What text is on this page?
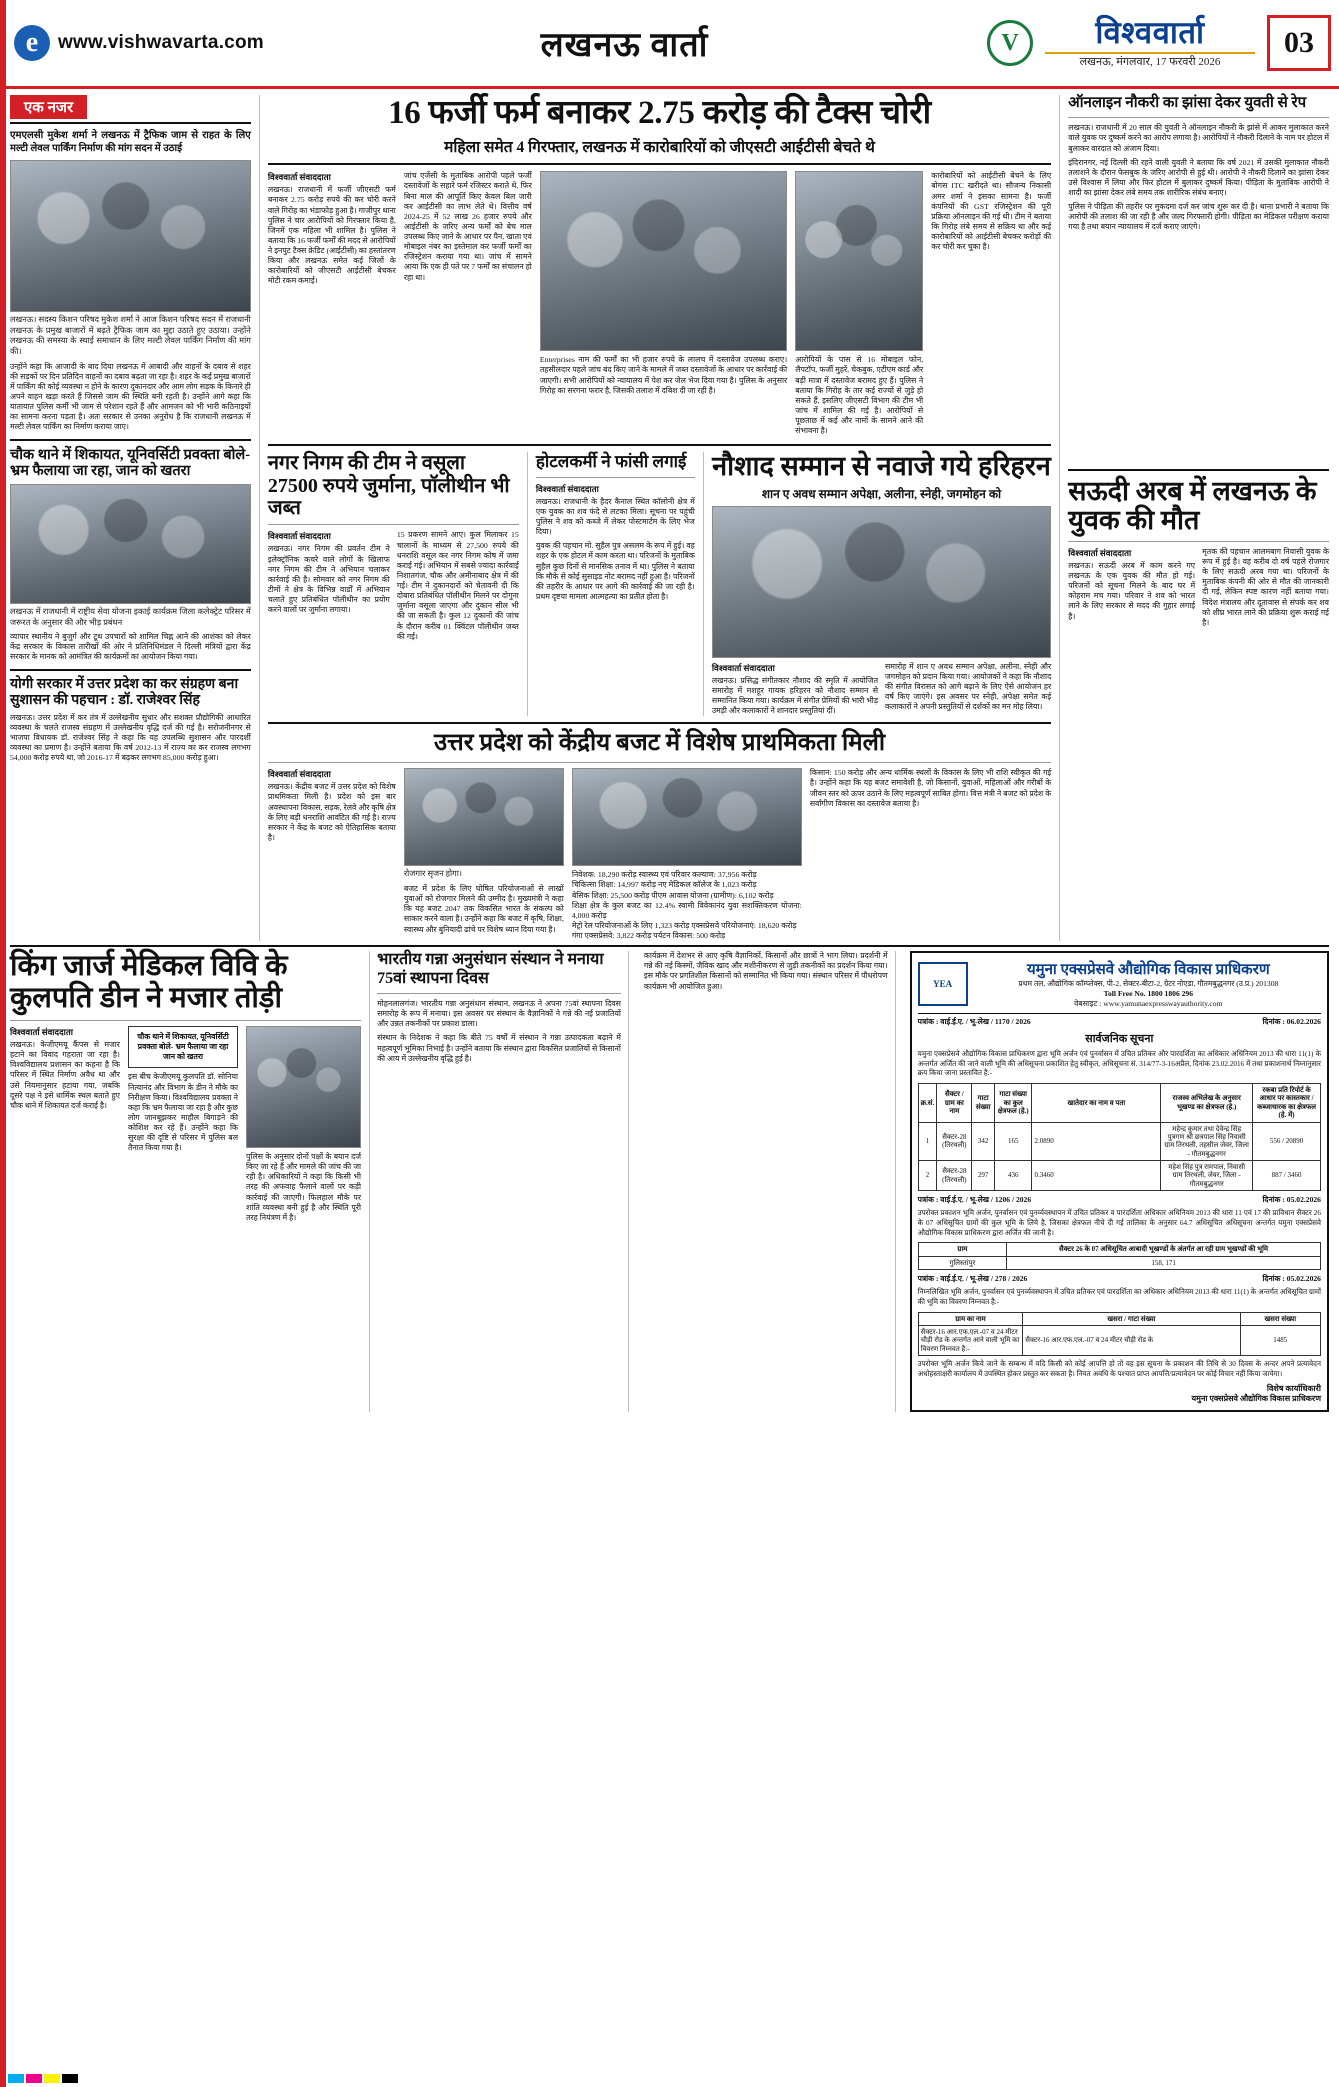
e	www.vishwavarta.com	लखनऊ वार्ता	V	विश्ववार्ता
लखनऊ, मंगलवार, 17 फरवरी 2026
03
एक नजर
एमएलसी मुकेश शर्मा ने लखनऊ में ट्रैफिक जाम से राहत के लिए मल्टी लेवल पार्किंग निर्माण की मांग सदन में उठाई
लखनऊ। सदस्य किशन परिषद मुकेश शर्मा ने आज किशन परिषद सदन में राजधानी लखनऊ के प्रमुख बाजारों में बढ़ते ट्रैफिक जाम का मुद्दा उठाते हुए उठाया। उन्होंने लखनऊ की समस्या के स्थाई समाधान के लिए मल्टी लेवल पार्किंग निर्माण की मांग की।
उन्होंने कहा कि आजादी के बाद दिया लखनऊ में आबादी और वाहनों के दबाव से शहर की सड़कों पर दिन प्रतिदिन वाहनों का दबाव बढ़ता जा रहा है। शहर के कई प्रमुख बाजारों में पार्किंग की कोई व्यवस्था न होने के कारण दुकानदार और आम लोग सड़क के किनारे ही अपने वाहन खड़ा करते हैं जिससे जाम की स्थिति बनी रहती है। उन्होंने आगे कहा कि यातायात पुलिस कर्मी भी जाम से परेशान रहते हैं और आमजन को भी भारी कठिनाइयों का सामना करना पड़ता है। अतः सरकार से उनका अनुरोध है कि राजधानी लखनऊ में मल्टी लेवल पार्किंग का निर्माण कराया जाए।
चौक थाने में शिकायत, यूनिवर्सिटी प्रवक्ता बोले- भ्रम फैलाया जा रहा, जान को खतरा
लखनऊ में राजधानी में राष्ट्रीय सेवा योजना इकाई कार्यक्रम जिला कलेक्ट्रेट परिसर में जरूरत के अनुसार की और भीड़ प्रबंधन
व्यापार स्थानीय ने बुजुर्ग और टूथ उपचारों को शामिल चिह्न आने की आशंका को लेकर केंद्र सरकार के विकास तारीखों की ओर ने प्रतिनिधिमंडल ने दिल्ली मंत्रियों द्वारा केंद्र सरकार के मानक को आमंत्रित की कार्यक्रमों का आयोजन किया गया।
योगी सरकार में उत्तर प्रदेश का कर संग्रहण बना सुशासन की पहचान : डॉ. राजेश्वर सिंह
लखनऊ। उत्तर प्रदेश में कर तंत्र में उल्लेखनीय सुधार और सशक्त प्रौद्योगिकी आधारित व्यवस्था के चलते राजस्व संग्रहण में उल्लेखनीय वृद्धि दर्ज की गई है। सरोजनीनगर से भाजपा विधायक डॉ. राजेश्वर सिंह ने कहा कि यह उपलब्धि सुशासन और पारदर्शी व्यवस्था का प्रमाण है। उन्होंने बताया कि वर्ष 2012-13 में राज्य का कर राजस्व लगभग 54,000 करोड़ रुपये था, जो 2016-17 में बढ़कर लगभग 85,000 करोड़ हुआ।
16 फर्जी फर्म बनाकर 2.75 करोड़ की टैक्स चोरी
महिला समेत 4 गिरफ्तार, लखनऊ में कारोबारियों को जीएसटी आईटीसी बेचते थे
विश्ववार्ता संवाददाता
लखनऊ। राजधानी में फर्जी जीएसटी फर्म बनाकर 2.75 करोड़ रुपये की कर चोरी करने वाले गिरोह का भंडाफोड़ हुआ है। गाजीपुर थाना पुलिस ने चार आरोपियों को गिरफ्तार किया है, जिनमें एक महिला भी शामिल है। पुलिस ने बताया कि 16 फर्जी फर्मों की मदद से आरोपियों ने इनपुट टैक्स क्रेडिट (आईटीसी) का हस्तांतरण किया और लखनऊ समेत कई जिलों के कारोबारियों को जीएसटी आईटीसी बेचकर मोटी रकम कमाई।
जांच एजेंसी के मुताबिक आरोपी पहले फर्जी दस्तावेजों के सहारे फर्म रजिस्टर कराते थे, फिर बिना माल की आपूर्ति किए केवल बिल जारी कर आईटीसी का लाभ लेते थे। वित्तीय वर्ष 2024-25 में 52 लाख 26 हजार रुपये और आईटीसी के जरिए अन्य फर्मों को बेच माल उपलब्ध किए जाने के आधार पर पैन, खाता एवं मोबाइल नंबर का इस्तेमाल कर फर्जी फर्मों का रजिस्ट्रेशन कराया गया था। जांच में सामने आया कि एक ही पते पर 7 फर्मों का संचालन हो रहा था।
Enterprises नाम की फर्मों का भी हजार रुपये के लालच में दस्तावेज उपलब्ध कराए। तहसीलदार पहले जांच बंद किए जाने के मामले में जब्त दस्तावेजों के आधार पर कार्रवाई की जाएगी। सभी आरोपियों को न्यायालय में पेश कर जेल भेज दिया गया है। पुलिस के अनुसार गिरोह का सरगना फरार है, जिसकी तलाश में दबिश दी जा रही है।
आरोपियों के पास से 16 मोबाइल फोन, लैपटॉप, फर्जी मुहरें, चेकबुक, एटीएम कार्ड और बड़ी मात्रा में दस्तावेज बरामद हुए हैं। पुलिस ने बताया कि गिरोह के तार कई राज्यों से जुड़े हो सकते हैं, इसलिए जीएसटी विभाग की टीम भी जांच में शामिल की गई है। आरोपियों से पूछताछ में कई और नामों के सामने आने की संभावना है।
कारोबारियों को आईटीसी बेचने के लिए बोगस ITC खरीदते था। सौजन्य निकासी अमर शर्मा ने इसका सामना है। फर्जी कंपनियों की GST रजिस्ट्रेशन की पूरी प्रक्रिया ऑनलाइन की गई थी। टीम ने बताया कि गिरोह लंबे समय से सक्रिय था और कई कारोबारियों को आईटीसी बेचकर करोड़ों की कर चोरी कर चुका है।
नगर निगम की टीम ने वसूला 27500 रुपये जुर्माना, पॉलीथीन भी जब्त
विश्ववार्ता संवाददाता
लखनऊ। नगर निगम की प्रवर्तन टीम ने इलेक्ट्रॉनिक कचरे वाले लोगों के खिलाफ नगर निगम की टीम ने अभियान चलाकर कार्रवाई की है। सोमवार को नगर निगम की टीमों ने क्षेत्र के विभिन्न वार्डों में अभियान चलाते हुए प्रतिबंधित पॉलीथीन का प्रयोग करने वालों पर जुर्माना लगाया।
15 प्रकरण सामने आए। कुल मिलाकर 15 चालानों के माध्यम से 27,500 रुपये की धनराशि वसूल कर नगर निगम कोष में जमा कराई गई। अभियान में सबसे ज्यादा कार्रवाई निशातगंज, चौक और अमीनाबाद क्षेत्र में की गई। टीम ने दुकानदारों को चेतावनी दी कि दोबारा प्रतिबंधित पॉलीथीन मिलने पर दोगुना जुर्माना वसूला जाएगा और दुकान सील भी की जा सकती है। कुल 12 दुकानों की जांच के दौरान करीब 01 क्विंटल पॉलीथीन जब्त की गई।
होटलकर्मी ने फांसी लगाई
विश्ववार्ता संवाददाता
लखनऊ। राजधानी के हैदर कैनाल स्थित कॉलोनी क्षेत्र में एक युवक का शव फंदे से लटका मिला। सूचना पर पहुंची पुलिस ने शव को कब्जे में लेकर पोस्टमार्टम के लिए भेज दिया।
युवक की पहचान मो. सुहैल पुत्र असलम के रूप में हुई। वह शहर के एक होटल में काम करता था। परिजनों के मुताबिक सुहैल कुछ दिनों से मानसिक तनाव में था। पुलिस ने बताया कि मौके से कोई सुसाइड नोट बरामद नहीं हुआ है। परिजनों की तहरीर के आधार पर आगे की कार्रवाई की जा रही है। प्रथम दृष्टया मामला आत्महत्या का प्रतीत होता है।
नौशाद सम्मान से नवाजे गये हरिहरन
शान ए अवध सम्मान अपेक्षा, अलीना, स्नेही, जगमोहन को
विश्ववार्ता संवाददाता
लखनऊ। प्रसिद्ध संगीतकार नौशाद की स्मृति में आयोजित समारोह में मशहूर गायक हरिहरन को नौशाद सम्मान से सम्मानित किया गया। कार्यक्रम में संगीत प्रेमियों की भारी भीड़ उमड़ी और कलाकारों ने शानदार प्रस्तुतियां दीं।
समारोह में शान ए अवध सम्मान अपेक्षा, अलीना, स्नेही और जगमोहन को प्रदान किया गया। आयोजकों ने कहा कि नौशाद की संगीत विरासत को आगे बढ़ाने के लिए ऐसे आयोजन हर वर्ष किए जाएंगे। इस अवसर पर स्नेही, अपेक्षा समेत कई कलाकारों ने अपनी प्रस्तुतियों से दर्शकों का मन मोह लिया।
उत्तर प्रदेश को केंद्रीय बजट में विशेष प्राथमिकता मिली
विश्ववार्ता संवाददाता
लखनऊ। केंद्रीय बजट में उत्तर प्रदेश को विशेष प्राथमिकता मिली है। प्रदेश को इस बार अवस्थापना विकास, सड़क, रेलवे और कृषि क्षेत्र के लिए बड़ी धनराशि आवंटित की गई है। राज्य सरकार ने केंद्र के बजट को ऐतिहासिक बताया है।
रोजगार सृजन होगा।
बजट में प्रदेश के लिए घोषित परियोजनाओं से लाखों युवाओं को रोजगार मिलने की उम्मीद है। मुख्यमंत्री ने कहा कि यह बजट 2047 तक विकसित भारत के संकल्प को साकार करने वाला है। उन्होंने कहा कि बजट में कृषि, शिक्षा, स्वास्थ्य और बुनियादी ढांचे पर विशेष ध्यान दिया गया है।
निवेशक: 18,290 करोड़ स्वास्थ्य एवं परिवार कल्याण: 37,956 करोड़
चिकित्सा शिक्षा: 14,997 करोड़ नए मेडिकल कॉलेज के 1,023 करोड़
बेसिक शिक्षा: 25,500 करोड़ पीएम आवास योजना (ग्रामीण): 6,102 करोड़
शिक्षा क्षेत्र के कुल बजट का 12.4% स्वामी विवेकानंद युवा सशक्तिकरण योजना: 4,000 करोड़
मेट्रो रेल परियोजनाओं के लिए 1,323 करोड़ एक्सप्रेसवे परियोजनाएं: 18,620 करोड़
गंगा एक्सप्रेसवे: 3,822 करोड़ पर्यटन विकास: 500 करोड़
किसान: 150 करोड़ और अन्य धार्मिक स्थलों के विकास के लिए भी राशि स्वीकृत की गई है। उन्होंने कहा कि यह बजट समावेशी है, जो किसानों, युवाओं, महिलाओं और गरीबों के जीवन स्तर को ऊपर उठाने के लिए महत्वपूर्ण साबित होगा। वित्त मंत्री ने बजट को प्रदेश के सर्वांगीण विकास का दस्तावेज बताया है।
ऑनलाइन नौकरी का झांसा देकर युवती से रेप
लखनऊ। राजधानी में 20 साल की युवती ने ऑनलाइन नौकरी के झांसे में आकर मुलाकात करने वाले युवक पर दुष्कर्म करने का आरोप लगाया है। आरोपियों ने नौकरी दिलाने के नाम पर होटल में बुलाकर वारदात को अंजाम दिया।
इंदिरानगर, नई दिल्ली की रहने वाली युवती ने बताया कि वर्ष 2021 में उसकी मुलाकात नौकरी तलाशने के दौरान फेसबुक के जरिए आरोपी से हुई थी। आरोपी ने नौकरी दिलाने का झांसा देकर उसे विश्वास में लिया और फिर होटल में बुलाकर दुष्कर्म किया। पीड़िता के मुताबिक आरोपी ने शादी का झांसा देकर लंबे समय तक शारीरिक संबंध बनाए।
पुलिस ने पीड़िता की तहरीर पर मुकदमा दर्ज कर जांच शुरू कर दी है। थाना प्रभारी ने बताया कि आरोपी की तलाश की जा रही है और जल्द गिरफ्तारी होगी। पीड़िता का मेडिकल परीक्षण कराया गया है तथा बयान न्यायालय में दर्ज कराए जाएंगे।
सऊदी अरब में लखनऊ के युवक की मौत
विश्ववार्ता संवाददाता
लखनऊ। सऊदी अरब में काम करने गए लखनऊ के एक युवक की मौत हो गई। परिजनों को सूचना मिलने के बाद घर में कोहराम मच गया। परिवार ने शव को भारत लाने के लिए सरकार से मदद की गुहार लगाई है।
मृतक की पहचान आलमबाग निवासी युवक के रूप में हुई है। वह करीब दो वर्ष पहले रोजगार के लिए सऊदी अरब गया था। परिजनों के मुताबिक कंपनी की ओर से मौत की जानकारी दी गई, लेकिन स्पष्ट कारण नहीं बताया गया। विदेश मंत्रालय और दूतावास से संपर्क कर शव को शीघ्र भारत लाने की प्रक्रिया शुरू कराई गई है।
किंग जार्ज मेडिकल विवि के कुलपति डीन ने मजार तोड़ी
विश्ववार्ता संवाददाता
लखनऊ। केजीएमयू कैंपस से मजार हटाने का विवाद गहराता जा रहा है। विश्वविद्यालय प्रशासन का कहना है कि परिसर में स्थित निर्माण अवैध था और उसे नियमानुसार हटाया गया, जबकि दूसरे पक्ष ने इसे धार्मिक स्थल बताते हुए चौक थाने में शिकायत दर्ज कराई है।
चौक थाने में शिकायत, यूनिवर्सिटी प्रवक्ता बोले- भ्रम फैलाया जा रहा जान को खतरा
इस बीच केजीएमयू कुलपति डॉ. सोनिया नित्यानंद और विभाग के डीन ने मौके का निरीक्षण किया। विश्वविद्यालय प्रवक्ता ने कहा कि भ्रम फैलाया जा रहा है और कुछ लोग जानबूझकर माहौल बिगाड़ने की कोशिश कर रहे हैं। उन्होंने कहा कि सुरक्षा की दृष्टि से परिसर में पुलिस बल तैनात किया गया है।
पुलिस के अनुसार दोनों पक्षों के बयान दर्ज किए जा रहे हैं और मामले की जांच की जा रही है। अधिकारियों ने कहा कि किसी भी तरह की अफवाह फैलाने वालों पर कड़ी कार्रवाई की जाएगी। फिलहाल मौके पर शांति व्यवस्था बनी हुई है और स्थिति पूरी तरह नियंत्रण में है।
भारतीय गन्ना अनुसंधान संस्थान ने मनाया 75वां स्थापना दिवस
मोहनलालगंज। भारतीय गन्ना अनुसंधान संस्थान, लखनऊ ने अपना 75वां स्थापना दिवस समारोह के रूप में मनाया। इस अवसर पर संस्थान के वैज्ञानिकों ने गन्ने की नई प्रजातियों और उन्नत तकनीकों पर प्रकाश डाला।
संस्थान के निदेशक ने कहा कि बीते 75 वर्षों में संस्थान ने गन्ना उत्पादकता बढ़ाने में महत्वपूर्ण भूमिका निभाई है। उन्होंने बताया कि संस्थान द्वारा विकसित प्रजातियों से किसानों की आय में उल्लेखनीय वृद्धि हुई है।
कार्यक्रम में देशभर से आए कृषि वैज्ञानिकों, किसानों और छात्रों ने भाग लिया। प्रदर्शनी में गन्ने की नई किस्मों, जैविक खाद और मशीनीकरण से जुड़ी तकनीकों का प्रदर्शन किया गया। इस मौके पर प्रगतिशील किसानों को सम्मानित भी किया गया। संस्थान परिसर में पौधरोपण कार्यक्रम भी आयोजित हुआ।	YEA
यमुना एक्सप्रेसवे औद्योगिक विकास प्राधिकरण
प्रथम तल, औद्योगिक कॉम्प्लेक्स, पी-2, सेक्टर-बीटा-2, ग्रेटर नोएडा, गौतमबुद्धनगर (उ.प्र.) 201308
Toll Free No. 1800 1806 296
वेबसाइट : www.yamunaexpresswayauthority.com
पत्रांक : वाई.ई.ए. / भू-लेख / 1170 / 2026	दिनांक : 06.02.2026
सार्वजनिक सूचना
यमुना एक्सप्रेसवे औद्योगिक विकास प्राधिकरण द्वारा भूमि अर्जन एवं पुनर्वासन में उचित प्रतिकर और पारदर्शिता का अधिकार अधिनियम 2013 की धारा 11(1) के अन्तर्गत अर्जित की जाने वाली भूमि की अधिसूचना प्रकाशित हेतु स्वीकृत, अधिसूचना सं. 314/77-3-16अप्रैल, दिनांक 23.02.2016 में तथा प्रकाशनार्थ निम्नानुसार क्रय किया जाना प्रस्तावित है:-
क्र.सं.	सैक्टर / ग्राम का नाम	गाटा संख्या	गाटा संख्या का कुल क्षेत्रफल (हे.)	खातेदार का नाम व पता	राजस्व अभिलेख के अनुसार भूखण्ड का क्षेत्रफल (हे.)	रकबा प्रति रिपोर्ट के आधार पर कास्तकार / कब्जाधारक का क्षेत्रफल (हे. में)
1	सैक्टर-28 (तिरथली)	342	165	2.0890	महेन्द्र कुमार तथा देवेन्द्र सिंह पुत्रगण श्री छत्रपाल सिंह निवासी ग्राम तिरथली, तहसील जेवर, जिला - गौतमबुद्धनगर	556 / 20890
2	सैक्टर-28 (तिरथली)	297	436	0.3460	महेश सिंह पुत्र रामपाल, निवासी ग्राम तिरथली, जेवर, जिला - गौतमबुद्धनगर	887 / 3460
पत्रांक : वाई.ई.ए. / भू-लेख / 1206 / 2026	दिनांक : 05.02.2026
उपरोक्त प्रकाशन भूमि अर्जन, पुनर्वासन एवं पुनर्व्यवस्थापन में उचित प्रतिकर व पारदर्शिता अधिकार अधिनियम 2013 की धारा 11 एवं 17 की प्राविधान सैक्टर 26 के 07 अधिसूचित ग्रामों की कुल भूमि के लिये है, जिसका क्षेत्रफल नीचे दी गई तालिका के अनुसार 64.7 अधिसूचित अधिसूचना अन्तर्गत यमुना एक्सप्रेसवे औद्योगिक विकास प्राधिकरण द्वारा अर्जित की जानी है।
ग्राम	सैक्टर 26 के 07 अधिसूचित आबादी भूखण्डों के अंतर्गत आ रही ग्राम भूखण्डों की भूमि
गुलिस्तांपुर	158, 171
पत्रांक : वाई.ई.ए. / भू-लेख / 278 / 2026	दिनांक : 05.02.2026
निम्नलिखित भूमि अर्जन, पुनर्वासन एवं पुनर्व्यवस्थापन में उचित प्रतिकर एवं पारदर्शिता का अधिकार अधिनियम 2013 की धारा 11(1) के अन्तर्गत अधिसूचित ग्रामों की भूमि का विवरण निम्नवत है:-
ग्राम का नाम	खसरा / गाटा संख्या	खसरा संख्या
सैक्टर-16 आर.एफ.एल.-07 व 24 मीटर चौड़ी रोड के अन्तर्गत आने वाली भूमि का विवरण निम्नवत है:-	सैक्टर-16 आर.एफ.एल.-07 व 24 मीटर चौड़ी रोड के	1485
उपरोक्त भूमि अर्जन किये जाने के सम्बन्ध में यदि किसी को कोई आपत्ति हो तो वह इस सूचना के प्रकाशन की तिथि से 30 दिवस के अन्दर अपने प्रत्यावेदन अधोहस्ताक्षरी कार्यालय में उपस्थित होकर प्रस्तुत कर सकता है। नियत अवधि के पश्चात प्राप्त आपत्ति/प्रत्यावेदन पर कोई विचार नहीं किया जायेगा।
विशेष कार्याधिकारी
यमुना एक्सप्रेसवे औद्योगिक विकास प्राधिकरण
